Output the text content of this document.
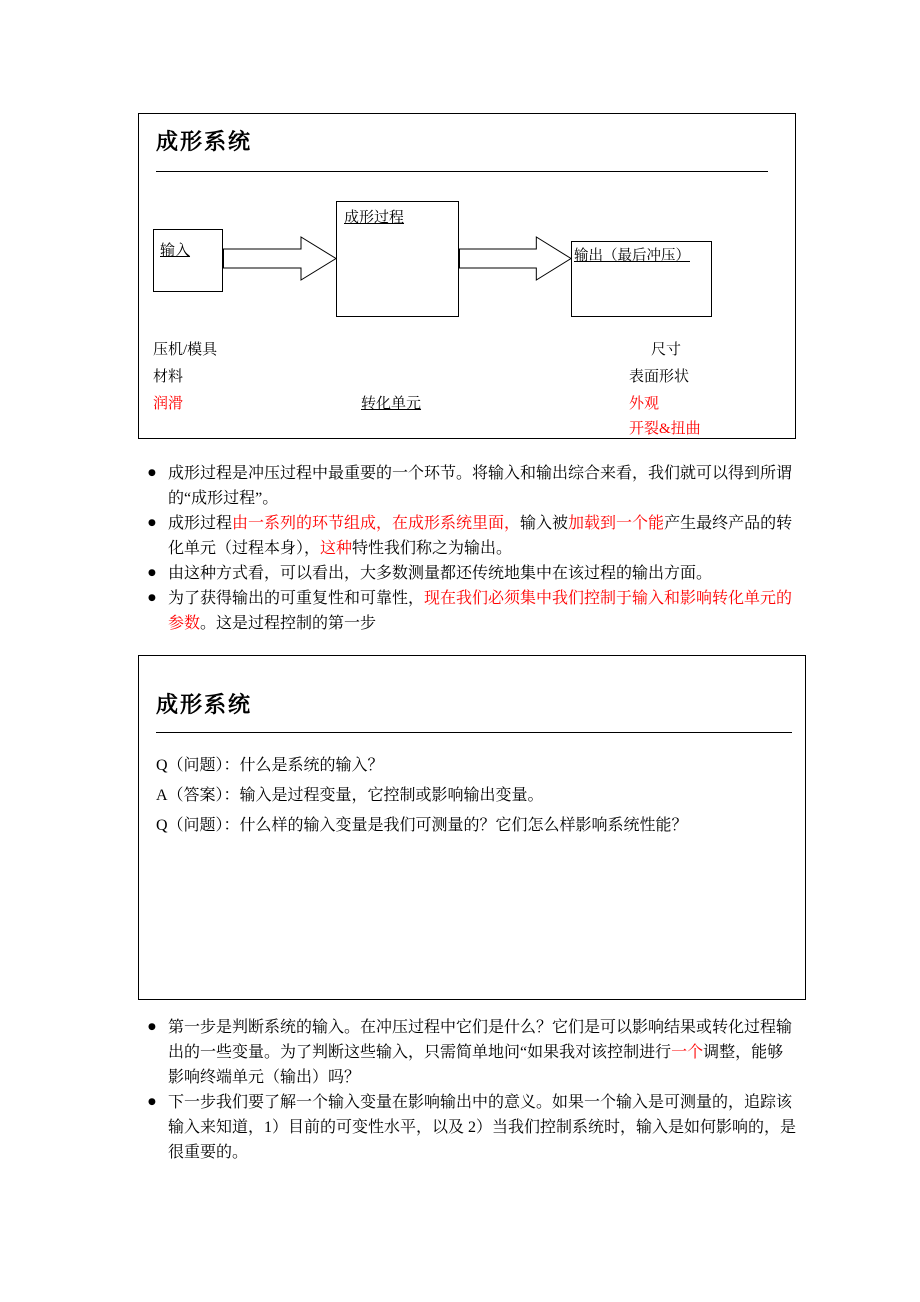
成形系统
输入
成形过程
输出（最后冲压）
压机/模具
材料
润滑	转化单元
尺寸
表面形状
外观
开裂&扭曲
● 成形过程是冲压过程中最重要的一个环节。将输入和输出综合来看，我们就可以得到所谓的“成形过程”。
● 成形过程由一系列的环节组成，在成形系统里面，输入被加载到一个能产生最终产品的转化单元（过程本身），这种特性我们称之为输出。
● 由这种方式看，可以看出，大多数测量都还传统地集中在该过程的输出方面。
● 为了获得输出的可重复性和可靠性，现在我们必须集中我们控制于输入和影响转化单元的参数。这是过程控制的第一步
成形系统
Q（问题）：什么是系统的输入？
A（答案）：输入是过程变量，它控制或影响输出变量。
Q（问题）：什么样的输入变量是我们可测量的？它们怎么样影响系统性能？
● 第一步是判断系统的输入。在冲压过程中它们是什么？它们是可以影响结果或转化过程输出的一些变量。为了判断这些输入，只需简单地问“如果我对该控制进行一个调整，能够影响终端单元（输出）吗？
● 下一步我们要了解一个输入变量在影响输出中的意义。如果一个输入是可测量的，追踪该输入来知道，1）目前的可变性水平，以及 2）当我们控制系统时，输入是如何影响的，是很重要的。
